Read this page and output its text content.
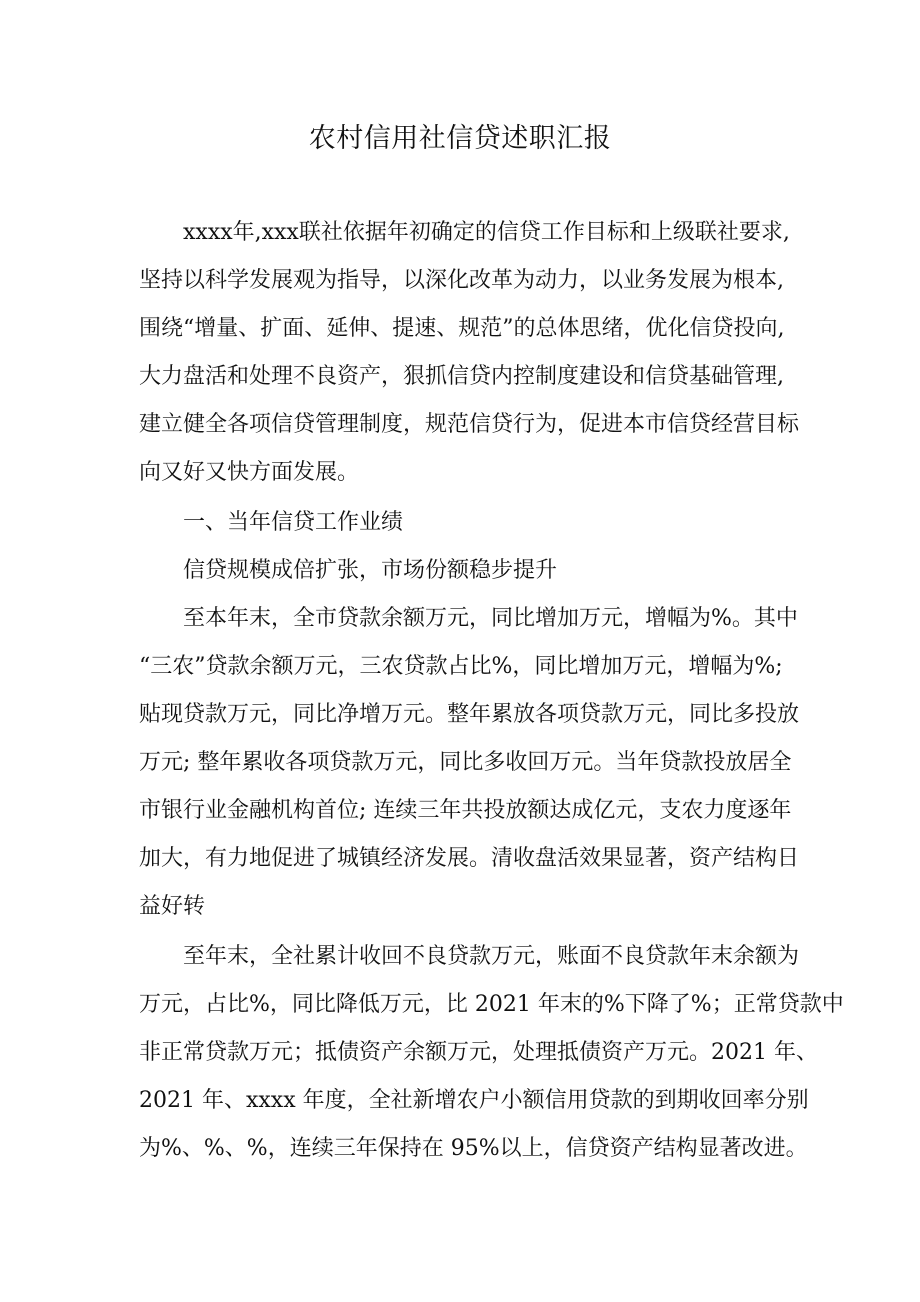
农村信用社信贷述职汇报
xxxx年,xxx联社依据年初确定的信贷工作目标和上级联社要求,
坚持以科学发展观为指导，以深化改革为动力，以业务发展为根本,
围绕“增量、扩面、延伸、提速、规范”的总体思绪，优化信贷投向,
大力盘活和处理不良资产，狠抓信贷内控制度建设和信贷基础管理,
建立健全各项信贷管理制度，规范信贷行为，促进本市信贷经营目标
向又好又快方面发展。
一、当年信贷工作业绩
信贷规模成倍扩张，市场份额稳步提升
至本年末，全市贷款余额万元，同比增加万元，增幅为%。其中
“三农”贷款余额万元，三农贷款占比%，同比增加万元，增幅为%;
贴现贷款万元，同比净增万元。整年累放各项贷款万元，同比多投放
万元; 整年累收各项贷款万元，同比多收回万元。当年贷款投放居全
市银行业金融机构首位; 连续三年共投放额达成亿元，支农力度逐年
加大，有力地促进了城镇经济发展。清收盘活效果显著，资产结构日
益好转
至年末，全社累计收回不良贷款万元，账面不良贷款年末余额为
万元，占比%，同比降低万元，比 2021 年末的%下降了%；正常贷款中
非正常贷款万元；抵债资产余额万元，处理抵债资产万元。2021 年、
2021 年、xxxx 年度，全社新增农户小额信用贷款的到期收回率分别
为%、%、%，连续三年保持在 95%以上，信贷资产结构显著改进。
